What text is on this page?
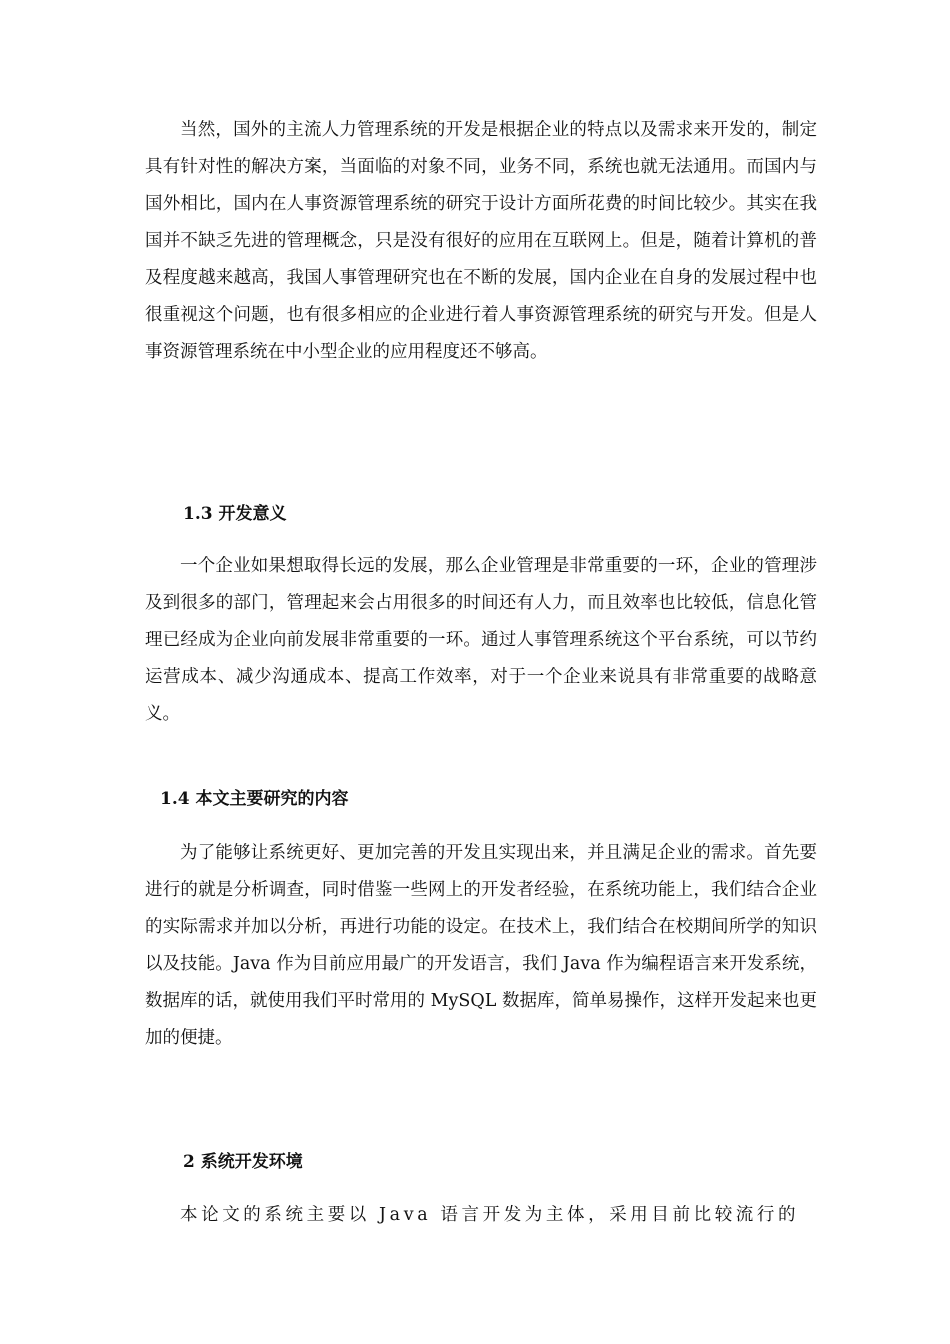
当然，国外的主流人力管理系统的开发是根据企业的特点以及需求来开发的，制定具有针对性的解决方案，当面临的对象不同，业务不同，系统也就无法通用。而国内与国外相比，国内在人事资源管理系统的研究于设计方面所花费的时间比较少。其实在我国并不缺乏先进的管理概念，只是没有很好的应用在互联网上。但是，随着计算机的普及程度越来越高，我国人事管理研究也在不断的发展，国内企业在自身的发展过程中也很重视这个问题，也有很多相应的企业进行着人事资源管理系统的研究与开发。但是人事资源管理系统在中小型企业的应用程度还不够高。

1.3 开发意义

一个企业如果想取得长远的发展，那么企业管理是非常重要的一环，企业的管理涉及到很多的部门，管理起来会占用很多的时间还有人力，而且效率也比较低，信息化管理已经成为企业向前发展非常重要的一环。通过人事管理系统这个平台系统，可以节约运营成本、减少沟通成本、提高工作效率，对于一个企业来说具有非常重要的战略意义。

1.4 本文主要研究的内容

为了能够让系统更好、更加完善的开发且实现出来，并且满足企业的需求。首先要进行的就是分析调查，同时借鉴一些网上的开发者经验，在系统功能上，我们结合企业的实际需求并加以分析，再进行功能的设定。在技术上，我们结合在校期间所学的知识以及技能。Java 作为目前应用最广的开发语言，我们 Java 作为编程语言来开发系统，数据库的话，就使用我们平时常用的 MySQL 数据库，简单易操作，这样开发起来也更加的便捷。

2 系统开发环境

本论文的系统主要以 Java 语言开发为主体，采用目前比较流行的
